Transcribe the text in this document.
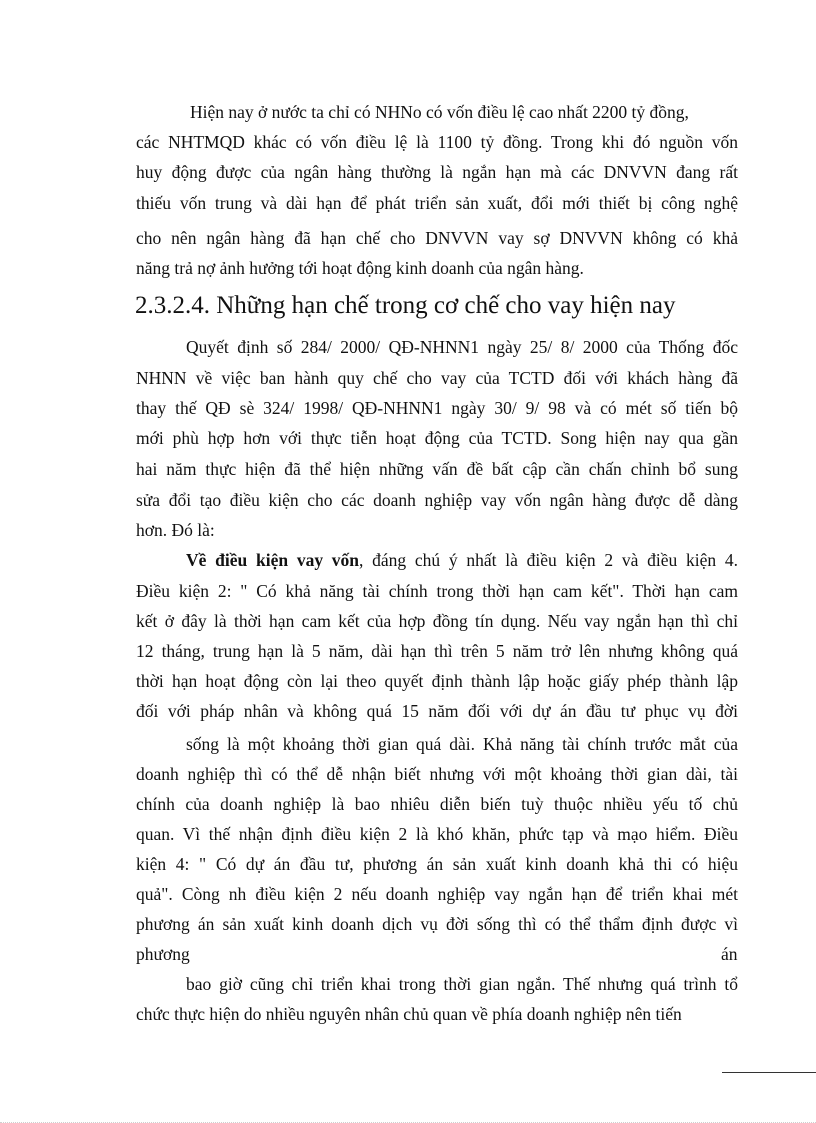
Hiện nay ở nước ta chỉ có NHNo có vốn điều lệ cao nhất 2200 tỷ đồng,
các NHTMQD khác có vốn điều lệ là 1100 tỷ đồng. Trong khi đó nguồn vốn
huy động được của ngân hàng thường là ngắn hạn mà các DNVVN đang rất
thiếu vốn trung và dài hạn để phát triển sản xuất, đổi mới thiết bị công nghệ
cho nên ngân hàng đã hạn chế cho DNVVN vay sợ DNVVN không có khả
năng trả nợ ảnh hưởng tới hoạt động kinh doanh của ngân hàng.
2.3.2.4. Những hạn chế trong cơ chế cho vay hiện nay
Quyết định số 284/ 2000/ QĐ-NHNN1 ngày 25/ 8/ 2000 của Thống đốc
NHNN về việc ban hành quy chế cho vay của TCTD đối với khách hàng đã
thay thế QĐ sè 324/ 1998/ QĐ-NHNN1 ngày 30/ 9/ 98 và có mét số tiến bộ
mới phù hợp hơn với thực tiễn hoạt động của TCTD. Song hiện nay qua gần
hai năm thực hiện đã thể hiện những vấn đề bất cập cần chấn chỉnh bổ sung
sửa đổi tạo điều kiện cho các doanh nghiệp vay vốn ngân hàng được dễ dàng
hơn. Đó là:
Về điều kiện vay vốn, đáng chú ý nhất là điều kiện 2 và điều kiện 4.
Điều kiện 2: " Có khả năng tài chính trong thời hạn cam kết". Thời hạn cam
kết ở đây là thời hạn cam kết của hợp đồng tín dụng. Nếu vay ngắn hạn thì chỉ
12 tháng, trung hạn là 5 năm, dài hạn thì trên 5 năm trở lên nhưng không quá
thời hạn hoạt động còn lại theo quyết định thành lập hoặc giấy phép thành lập
đối với pháp nhân và không quá 15 năm đối với dự án đầu tư phục vụ đời
sống là một khoảng thời gian quá dài. Khả năng tài chính trước mắt của
doanh nghiệp thì có thể dễ nhận biết nhưng với một khoảng thời gian dài, tài
chính của doanh nghiệp là bao nhiêu diễn biến tuỳ thuộc nhiều yếu tố chủ
quan. Vì thế nhận định điều kiện 2 là khó khăn, phức tạp và mạo hiểm. Điều
kiện 4: " Có dự án đầu tư, phương án sản xuất kinh doanh khả thi có hiệu
quả". Còng nh điều kiện 2 nếu doanh nghiệp vay ngắn hạn để triển khai mét
phương án sản xuất kinh doanh dịch vụ đời sống thì có thể thẩm định được vì
phương	án
bao giờ cũng chỉ triển khai trong thời gian ngắn. Thế nhưng quá trình tổ
chức thực hiện do nhiều nguyên nhân chủ quan về phía doanh nghiệp nên tiến
